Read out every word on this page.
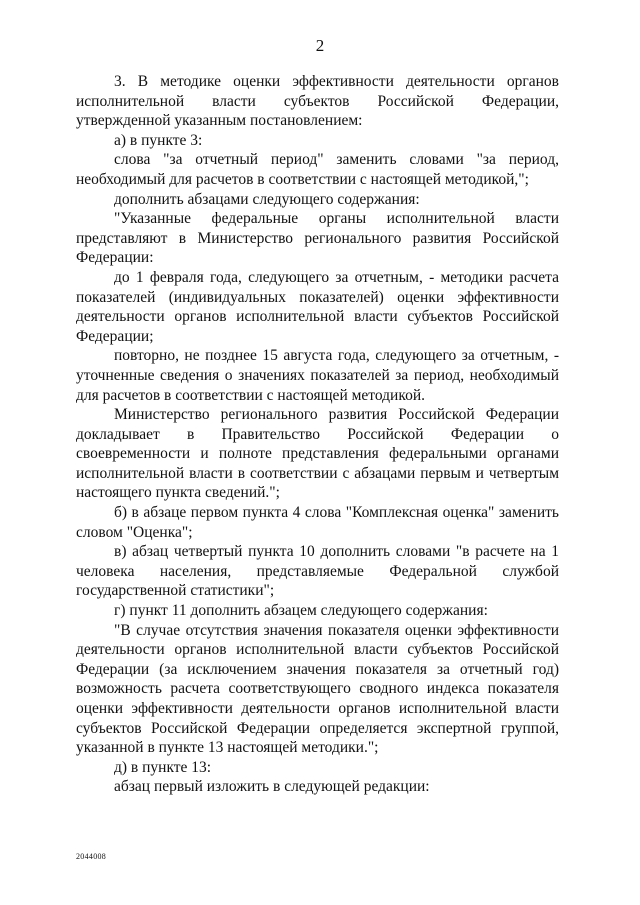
2

3. В методике оценки эффективности деятельности органов исполнительной власти субъектов Российской Федерации, утвержденной указанным постановлением:

а) в пункте 3:

слова "за отчетный период" заменить словами "за период, необходимый для расчетов в соответствии с настоящей методикой,";

дополнить абзацами следующего содержания:

"Указанные федеральные органы исполнительной власти представляют в Министерство регионального развития Российской Федерации:

до 1 февраля года, следующего за отчетным, - методики расчета показателей (индивидуальных показателей) оценки эффективности деятельности органов исполнительной власти субъектов Российской Федерации;

повторно, не позднее 15 августа года, следующего за отчетным, - уточненные сведения о значениях показателей за период, необходимый для расчетов в соответствии с настоящей методикой.

Министерство регионального развития Российской Федерации докладывает в Правительство Российской Федерации о своевременности и полноте представления федеральными органами исполнительной власти в соответствии с абзацами первым и четвертым настоящего пункта сведений.";

б) в абзаце первом пункта 4 слова "Комплексная оценка" заменить словом "Оценка";

в) абзац четвертый пункта 10 дополнить словами "в расчете на 1 человека населения, представляемые Федеральной службой государственной статистики";

г) пункт 11 дополнить абзацем следующего содержания:

"В случае отсутствия значения показателя оценки эффективности деятельности органов исполнительной власти субъектов Российской Федерации (за исключением значения показателя за отчетный год) возможность расчета соответствующего сводного индекса показателя оценки эффективности деятельности органов исполнительной власти субъектов Российской Федерации определяется экспертной группой, указанной в пункте 13 настоящей методики.";

д) в пункте 13:

абзац первый изложить в следующей редакции:

2044008
